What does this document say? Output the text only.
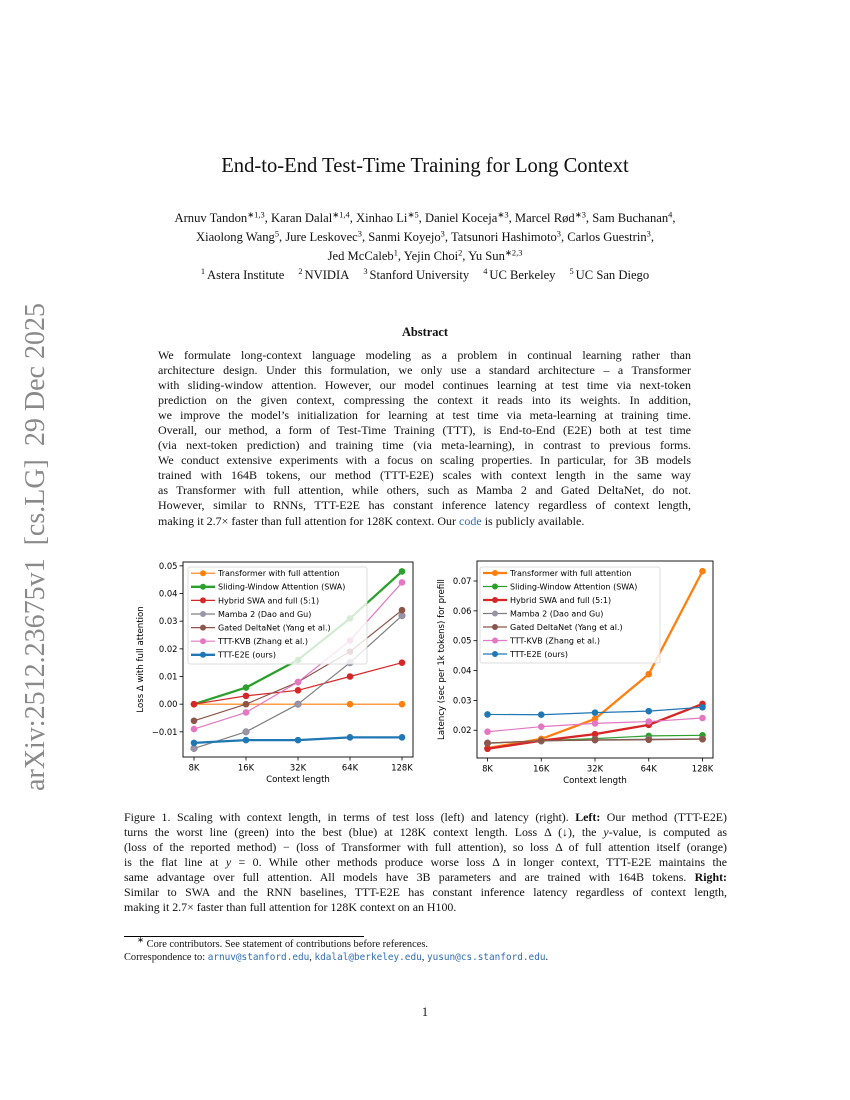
arXiv:2512.23675v1[cs.LG]29 Dec 2025
End-to-End Test-Time Training for Long Context
Arnuv Tandon$^{∗1,3}$, Karan Dalal$^{∗1,4}$, Xinhao $Li^{∗5}$, Daniel Koceja$^{∗3}$, Marcel Rød$^{∗3}$, Sam Buchanan$^4$,
Xiaolong Wang$^5$, Jure Leskovec$^3$, Sanmi Koyejo$^3$, Tatsunori Hashimoto$^3$, Carlos Guestrin$^3$,
Jed McCaleb$^1$, Yejin Choi$^2$, Yu Sun$^{∗2,3}$
$^1$ Astera Institute $^2$ NVIDIA $^3$ Stanford University $^4$ UC Berkeley $^5$ UC San Diego
Abstract
We formulate long-context language modeling as a problem in continual learning rather than
architecture design. Under this formulation, we only use a standard architecture – a Transformer
with sliding-window attention. However, our model continues learning at test time via next-token
prediction on the given context, compressing the context it reads into its weights. In addition,
we improve the model’s initialization for learning at test time via meta-learning at training time.
Overall, our method, a form of Test-Time Training (TTT), is End-to-End (E2E) both at test time
(via next-token prediction) and training time (via meta-learning), in contrast to previous forms.
We conduct extensive experiments with a focus on scaling properties. In particular, for 3B models
trained with 164B tokens, our method (TTT-E2E) scales with context length in the same way
as Transformer with full attention, while others, such as Mamba 2 and Gated DeltaNet, do not.
However, similar to RNNs, TTT-E2E has constant inference latency regardless of context length,
making it 2.7× faster than full attention for 128K context. Our code is publicly available.
Transformer with full attention
Sliding-Window Attention (SWA)
Hybrid SWA and full (5:1)
Mamba 2 (Dao and Gu)
Gated DeltaNet (Yang et al.)
TTT-KVB (Zhang et al.)
TTT-E2E (ours)
−0.01
0.00
0.01
0.02
0.03
0.04
0.05
Loss Δ with full attention
8K	16K	32K	64K	128K
Context length
Transformer with full attention
Sliding-Window Attention (SWA)
Hybrid SWA and full (5:1)
Mamba 2 (Dao and Gu)
Gated DeltaNet (Yang et al.)
TTT-KVB (Zhang et al.)
TTT-E2E (ours)
0.02
0.03
0.04
0.05
0.06
0.07
Latency (sec per 1k tokens) for prefill
8K	16K	32K	64K	128K
Context length
Figure 1. Scaling with context length, in terms of test loss (left) and latency (right). Left: Our method (TTT-E2E)
turns the worst line (green) into the best (blue) at 128K context length. Loss Δ (↓), the y-value, is computed as
(loss of the reported method) − (loss of Transformer with full attention), so loss Δ of full attention itself (orange)
is the flat line at y = 0. While other methods produce worse loss Δ in longer context, TTT-E2E maintains the
same advantage over full attention. All models have 3B parameters and are trained with 164B tokens. Right:
Similar to SWA and the RNN baselines, TTT-E2E has constant inference latency regardless of context length,
making it 2.7× faster than full attention for 128K context on an H100.
∗ Core contributors. See statement of contributions before references.
Correspondence to: arnuv@stanford.edu, kdalal@berkeley.edu, yusun@cs.stanford.edu.
1
